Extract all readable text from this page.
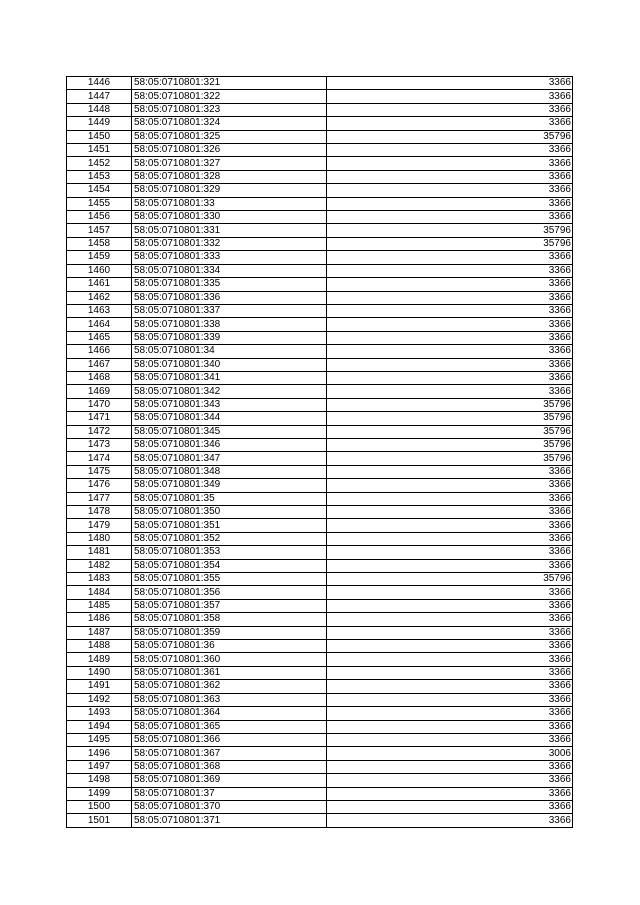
1446	58:05:0710801:321	3366
1447	58:05:0710801:322	3366
1448	58:05:0710801:323	3366
1449	58:05:0710801:324	3366
1450	58:05:0710801:325	35796
1451	58:05:0710801:326	3366
1452	58:05:0710801:327	3366
1453	58:05:0710801:328	3366
1454	58:05:0710801:329	3366
1455	58:05:0710801:33	3366
1456	58:05:0710801:330	3366
1457	58:05:0710801:331	35796
1458	58:05:0710801:332	35796
1459	58:05:0710801:333	3366
1460	58:05:0710801:334	3366
1461	58:05:0710801:335	3366
1462	58:05:0710801:336	3366
1463	58:05:0710801:337	3366
1464	58:05:0710801:338	3366
1465	58:05:0710801:339	3366
1466	58:05:0710801:34	3366
1467	58:05:0710801:340	3366
1468	58:05:0710801:341	3366
1469	58:05:0710801:342	3366
1470	58:05:0710801:343	35796
1471	58:05:0710801:344	35796
1472	58:05:0710801:345	35796
1473	58:05:0710801:346	35796
1474	58:05:0710801:347	35796
1475	58:05:0710801:348	3366
1476	58:05:0710801:349	3366
1477	58:05:0710801:35	3366
1478	58:05:0710801:350	3366
1479	58:05:0710801:351	3366
1480	58:05:0710801:352	3366
1481	58:05:0710801:353	3366
1482	58:05:0710801:354	3366
1483	58:05:0710801:355	35796
1484	58:05:0710801:356	3366
1485	58:05:0710801:357	3366
1486	58:05:0710801:358	3366
1487	58:05:0710801:359	3366
1488	58:05:0710801:36	3366
1489	58:05:0710801:360	3366
1490	58:05:0710801:361	3366
1491	58:05:0710801:362	3366
1492	58:05:0710801:363	3366
1493	58:05:0710801:364	3366
1494	58:05:0710801:365	3366
1495	58:05:0710801:366	3366
1496	58:05:0710801:367	3006
1497	58:05:0710801:368	3366
1498	58:05:0710801:369	3366
1499	58:05:0710801:37	3366
1500	58:05:0710801:370	3366
1501	58:05:0710801:371	3366
